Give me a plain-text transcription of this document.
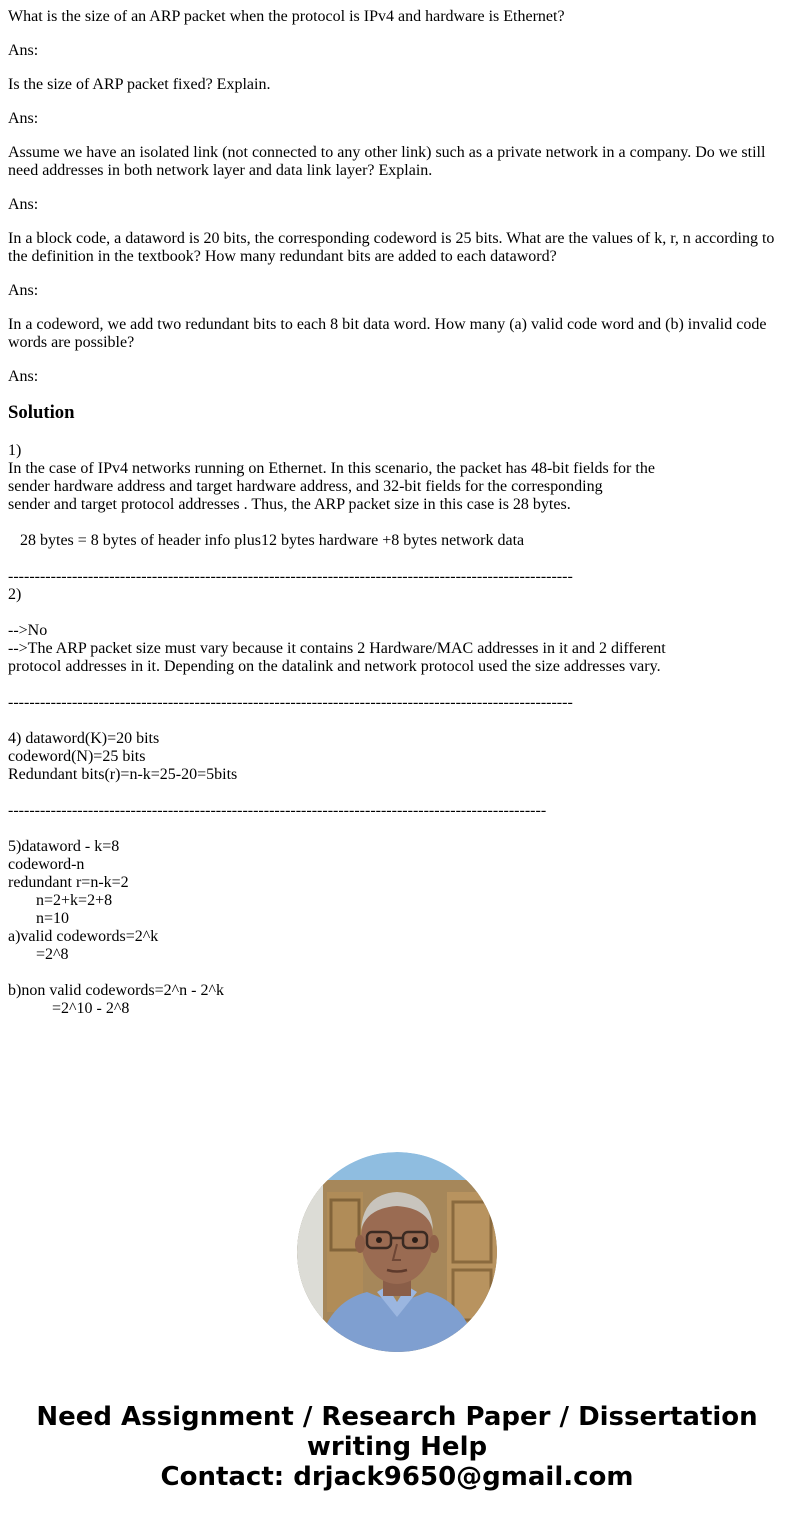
What is the size of an ARP packet when the protocol is IPv4 and hardware is Ethernet?

Ans:

Is the size of ARP packet fixed? Explain.

Ans:

Assume we have an isolated link (not connected to any other link) such as a private network in a company. Do we still need addresses in both network layer and data link layer? Explain.

Ans:

In a block code, a dataword is 20 bits, the corresponding codeword is 25 bits. What are the values of k, r, n according to the definition in the textbook? How many redundant bits are added to each dataword?

Ans:

In a codeword, we add two redundant bits to each 8 bit data word. How many (a) valid code word and (b) invalid code words are possible?

Ans:

Solution
1)
In the case of IPv4 networks running on Ethernet. In this scenario, the packet has 48-bit fields for the
sender hardware address and target hardware address, and 32-bit fields for the corresponding
sender and target protocol addresses . Thus, the ARP packet size in this case is 28 bytes.
28 bytes = 8 bytes of header info plus12 bytes hardware +8 bytes network data
----------------------------------------------------------------------------------------------------------
2)
-->No
-->The ARP packet size must vary because it contains 2 Hardware/MAC addresses in it and 2 different
protocol addresses in it. Depending on the datalink and network protocol used the size addresses vary.
----------------------------------------------------------------------------------------------------------
4) dataword(K)=20 bits
codeword(N)=25 bits
Redundant bits(r)=n-k=25-20=5bits
-----------------------------------------------------------------------------------------------------
5)dataword - k=8
codeword-n
redundant r=n-k=2
n=2+k=2+8
n=10
a)valid codewords=2^k
=2^8
b)non valid codewords=2^n - 2^k
=2^10 - 2^8
Need Assignment / Research Paper / Dissertation
writing Help
Contact: drjack9650@gmail.com
